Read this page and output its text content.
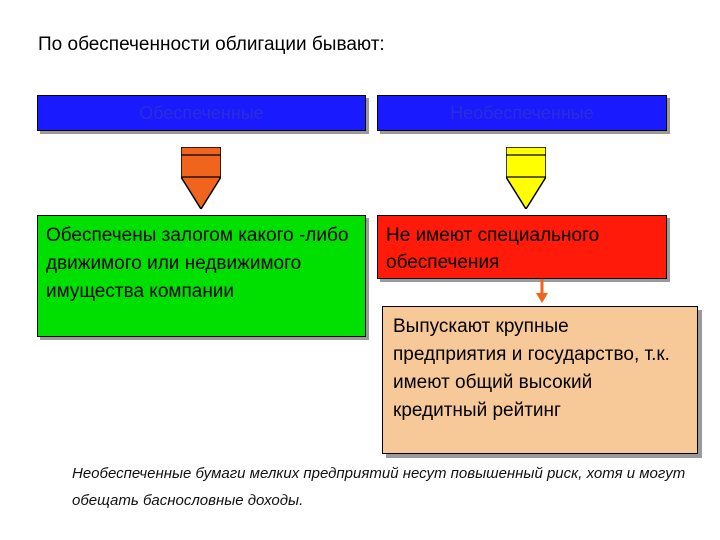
По обеспеченности облигации бывают:
Обеспеченные	Необеспеченные
Обеспечены залогом какого -либо движимого или недвижимого имущества компании
Не имеют специального обеспечения
Выпускают крупные предприятия и государство, т.к. имеют общий высокий кредитный рейтинг
Необеспеченные бумаги мелких предприятий несут повышенный риск, хотя и могут обещать баснословные доходы.
